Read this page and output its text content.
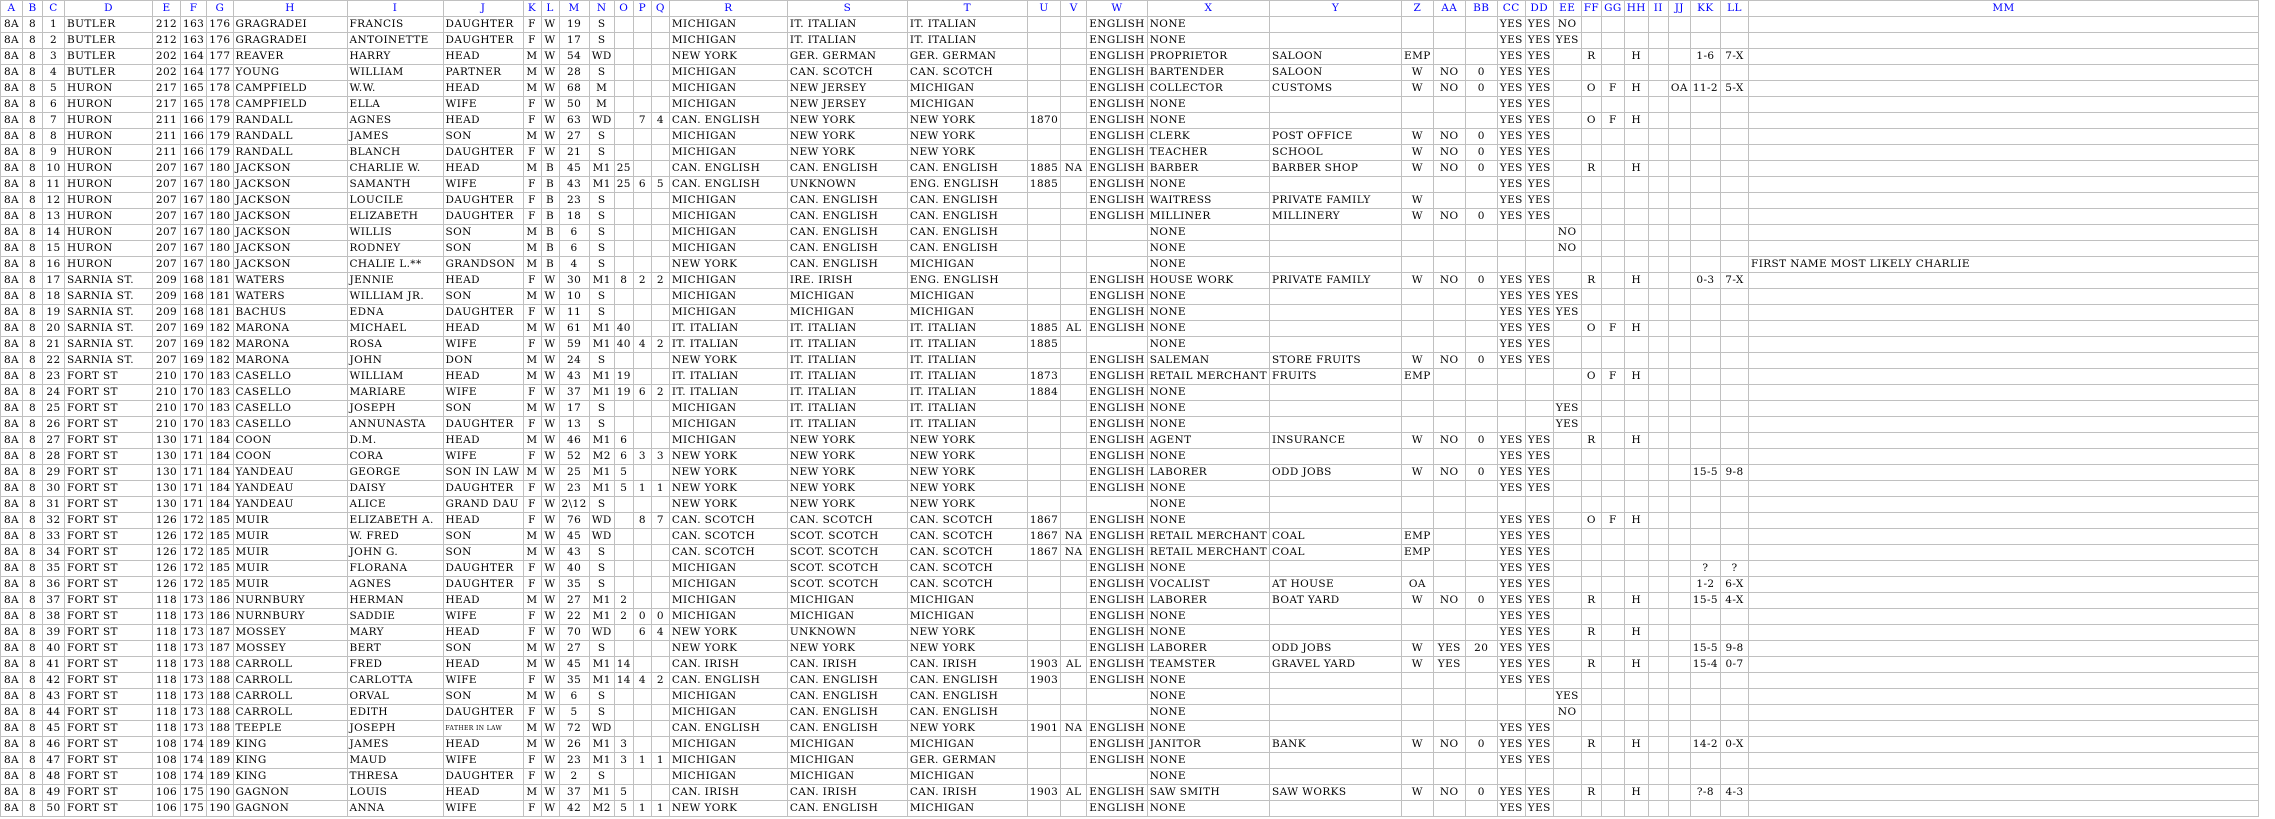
A	B	C	D	E	F	G	H	I	J	K	L	M	N	O	P	Q	R	S	T	U	V	W	X	Y	Z	AA	BB	CC	DD	EE	FF	GG	HH	II	JJ	KK	LL	MM
8A	8	1	BUTLER	212	163	176	GRAGRADEI	FRANCIS	DAUGHTER	F	W	19	S				MICHIGAN	IT. ITALIAN	IT. ITALIAN			ENGLISH	NONE					YES	YES	NO								
8A	8	2	BUTLER	212	163	176	GRAGRADEI	ANTOINETTE	DAUGHTER	F	W	17	S				MICHIGAN	IT. ITALIAN	IT. ITALIAN			ENGLISH	NONE					YES	YES	YES								
8A	8	3	BUTLER	202	164	177	REAVER	HARRY	HEAD	M	W	54	WD				NEW YORK	GER. GERMAN	GER. GERMAN			ENGLISH	PROPRIETOR	SALOON	EMP			YES	YES		R		H			1-6	7-X	
8A	8	4	BUTLER	202	164	177	YOUNG	WILLIAM	PARTNER	M	W	28	S				MICHIGAN	CAN. SCOTCH	CAN. SCOTCH			ENGLISH	BARTENDER	SALOON	W	NO	0	YES	YES									
8A	8	5	HURON	217	165	178	CAMPFIELD	W.W.	HEAD	M	W	68	M				MICHIGAN	NEW JERSEY	MICHIGAN			ENGLISH	COLLECTOR	CUSTOMS	W	NO	0	YES	YES		O	F	H		OA	11-2	5-X	
8A	8	6	HURON	217	165	178	CAMPFIELD	ELLA	WIFE	F	W	50	M				MICHIGAN	NEW JERSEY	MICHIGAN			ENGLISH	NONE					YES	YES									
8A	8	7	HURON	211	166	179	RANDALL	AGNES	HEAD	F	W	63	WD		7	4	CAN. ENGLISH	NEW YORK	NEW YORK	1870		ENGLISH	NONE					YES	YES		O	F	H					
8A	8	8	HURON	211	166	179	RANDALL	JAMES	SON	M	W	27	S				MICHIGAN	NEW YORK	NEW YORK			ENGLISH	CLERK	POST OFFICE	W	NO	0	YES	YES									
8A	8	9	HURON	211	166	179	RANDALL	BLANCH	DAUGHTER	F	W	21	S				MICHIGAN	NEW YORK	NEW YORK			ENGLISH	TEACHER	SCHOOL	W	NO	0	YES	YES									
8A	8	10	HURON	207	167	180	JACKSON	CHARLIE W.	HEAD	M	B	45	M1	25			CAN. ENGLISH	CAN. ENGLISH	CAN. ENGLISH	1885	NA	ENGLISH	BARBER	BARBER SHOP	W	NO	0	YES	YES		R		H					
8A	8	11	HURON	207	167	180	JACKSON	SAMANTH	WIFE	F	B	43	M1	25	6	5	CAN. ENGLISH	UNKNOWN	ENG. ENGLISH	1885		ENGLISH	NONE					YES	YES									
8A	8	12	HURON	207	167	180	JACKSON	LOUCILE	DAUGHTER	F	B	23	S				MICHIGAN	CAN. ENGLISH	CAN. ENGLISH			ENGLISH	WAITRESS	PRIVATE FAMILY	W			YES	YES									
8A	8	13	HURON	207	167	180	JACKSON	ELIZABETH	DAUGHTER	F	B	18	S				MICHIGAN	CAN. ENGLISH	CAN. ENGLISH			ENGLISH	MILLINER	MILLINERY	W	NO	0	YES	YES									
8A	8	14	HURON	207	167	180	JACKSON	WILLIS	SON	M	B	6	S				MICHIGAN	CAN. ENGLISH	CAN. ENGLISH				NONE							NO								
8A	8	15	HURON	207	167	180	JACKSON	RODNEY	SON	M	B	6	S				MICHIGAN	CAN. ENGLISH	CAN. ENGLISH				NONE							NO								
8A	8	16	HURON	207	167	180	JACKSON	CHALIE L.**	GRANDSON	M	B	4	S				NEW YORK	CAN. ENGLISH	MICHIGAN				NONE															FIRST NAME MOST LIKELY CHARLIE
8A	8	17	SARNIA ST.	209	168	181	WATERS	JENNIE	HEAD	F	W	30	M1	8	2	2	MICHIGAN	IRE. IRISH	ENG. ENGLISH			ENGLISH	HOUSE WORK	PRIVATE FAMILY	W	NO	0	YES	YES		R		H			0-3	7-X	
8A	8	18	SARNIA ST.	209	168	181	WATERS	WILLIAM JR.	SON	M	W	10	S				MICHIGAN	MICHIGAN	MICHIGAN			ENGLISH	NONE					YES	YES	YES								
8A	8	19	SARNIA ST.	209	168	181	BACHUS	EDNA	DAUGHTER	F	W	11	S				MICHIGAN	MICHIGAN	MICHIGAN			ENGLISH	NONE					YES	YES	YES								
8A	8	20	SARNIA ST.	207	169	182	MARONA	MICHAEL	HEAD	M	W	61	M1	40			IT. ITALIAN	IT. ITALIAN	IT. ITALIAN	1885	AL	ENGLISH	NONE					YES	YES		O	F	H					
8A	8	21	SARNIA ST.	207	169	182	MARONA	ROSA	WIFE	F	W	59	M1	40	4	2	IT. ITALIAN	IT. ITALIAN	IT. ITALIAN	1885			NONE					YES	YES									
8A	8	22	SARNIA ST.	207	169	182	MARONA	JOHN	DON	M	W	24	S				NEW YORK	IT. ITALIAN	IT. ITALIAN			ENGLISH	SALEMAN	STORE FRUITS	W	NO	0	YES	YES									
8A	8	23	FORT ST	210	170	183	CASELLO	WILLIAM	HEAD	M	W	43	M1	19			IT. ITALIAN	IT. ITALIAN	IT. ITALIAN	1873		ENGLISH	RETAIL MERCHANT	FRUITS	EMP						O	F	H					
8A	8	24	FORT ST	210	170	183	CASELLO	MARIARE	WIFE	F	W	37	M1	19	6	2	IT. ITALIAN	IT. ITALIAN	IT. ITALIAN	1884		ENGLISH	NONE															
8A	8	25	FORT ST	210	170	183	CASELLO	JOSEPH	SON	M	W	17	S				MICHIGAN	IT. ITALIAN	IT. ITALIAN			ENGLISH	NONE							YES								
8A	8	26	FORT ST	210	170	183	CASELLO	ANNUNASTA	DAUGHTER	F	W	13	S				MICHIGAN	IT. ITALIAN	IT. ITALIAN			ENGLISH	NONE							YES								
8A	8	27	FORT ST	130	171	184	COON	D.M.	HEAD	M	W	46	M1	6			MICHIGAN	NEW YORK	NEW YORK			ENGLISH	AGENT	INSURANCE	W	NO	0	YES	YES		R		H					
8A	8	28	FORT ST	130	171	184	COON	CORA	WIFE	F	W	52	M2	6	3	3	NEW YORK	NEW YORK	NEW YORK			ENGLISH	NONE					YES	YES									
8A	8	29	FORT ST	130	171	184	YANDEAU	GEORGE	SON IN LAW	M	W	25	M1	5			NEW YORK	NEW YORK	NEW YORK			ENGLISH	LABORER	ODD JOBS	W	NO	0	YES	YES							15-5	9-8	
8A	8	30	FORT ST	130	171	184	YANDEAU	DAISY	DAUGHTER	F	W	23	M1	5	1	1	NEW YORK	NEW YORK	NEW YORK			ENGLISH	NONE					YES	YES									
8A	8	31	FORT ST	130	171	184	YANDEAU	ALICE	GRAND DAU	F	W	2\12	S				NEW YORK	NEW YORK	NEW YORK				NONE															
8A	8	32	FORT ST	126	172	185	MUIR	ELIZABETH A.	HEAD	F	W	76	WD		8	7	CAN. SCOTCH	CAN. SCOTCH	CAN. SCOTCH	1867		ENGLISH	NONE					YES	YES		O	F	H					
8A	8	33	FORT ST	126	172	185	MUIR	W. FRED	SON	M	W	45	WD				CAN. SCOTCH	SCOT. SCOTCH	CAN. SCOTCH	1867	NA	ENGLISH	RETAIL MERCHANT	COAL	EMP			YES	YES									
8A	8	34	FORT ST	126	172	185	MUIR	JOHN G.	SON	M	W	43	S				CAN. SCOTCH	SCOT. SCOTCH	CAN. SCOTCH	1867	NA	ENGLISH	RETAIL MERCHANT	COAL	EMP			YES	YES									
8A	8	35	FORT ST	126	172	185	MUIR	FLORANA	DAUGHTER	F	W	40	S				MICHIGAN	SCOT. SCOTCH	CAN. SCOTCH			ENGLISH	NONE					YES	YES							?	?	
8A	8	36	FORT ST	126	172	185	MUIR	AGNES	DAUGHTER	F	W	35	S				MICHIGAN	SCOT. SCOTCH	CAN. SCOTCH			ENGLISH	VOCALIST	AT HOUSE	OA			YES	YES							1-2	6-X	
8A	8	37	FORT ST	118	173	186	NURNBURY	HERMAN	HEAD	M	W	27	M1	2			MICHIGAN	MICHIGAN	MICHIGAN			ENGLISH	LABORER	BOAT YARD	W	NO	0	YES	YES		R		H			15-5	4-X	
8A	8	38	FORT ST	118	173	186	NURNBURY	SADDIE	WIFE	F	W	22	M1	2	0	0	MICHIGAN	MICHIGAN	MICHIGAN			ENGLISH	NONE					YES	YES									
8A	8	39	FORT ST	118	173	187	MOSSEY	MARY	HEAD	F	W	70	WD		6	4	NEW YORK	UNKNOWN	NEW YORK			ENGLISH	NONE					YES	YES		R		H					
8A	8	40	FORT ST	118	173	187	MOSSEY	BERT	SON	M	W	27	S				NEW YORK	NEW YORK	NEW YORK			ENGLISH	LABORER	ODD JOBS	W	YES	20	YES	YES							15-5	9-8	
8A	8	41	FORT ST	118	173	188	CARROLL	FRED	HEAD	M	W	45	M1	14			CAN. IRISH	CAN. IRISH	CAN. IRISH	1903	AL	ENGLISH	TEAMSTER	GRAVEL YARD	W	YES		YES	YES		R		H			15-4	0-7	
8A	8	42	FORT ST	118	173	188	CARROLL	CARLOTTA	WIFE	F	W	35	M1	14	4	2	CAN. ENGLISH	CAN. ENGLISH	CAN. ENGLISH	1903		ENGLISH	NONE					YES	YES									
8A	8	43	FORT ST	118	173	188	CARROLL	ORVAL	SON	M	W	6	S				MICHIGAN	CAN. ENGLISH	CAN. ENGLISH				NONE							YES								
8A	8	44	FORT ST	118	173	188	CARROLL	EDITH	DAUGHTER	F	W	5	S				MICHIGAN	CAN. ENGLISH	CAN. ENGLISH				NONE							NO								
8A	8	45	FORT ST	118	173	188	TEEPLE	JOSEPH	FATHER IN LAW	M	W	72	WD				CAN. ENGLISH	CAN. ENGLISH	NEW YORK	1901	NA	ENGLISH	NONE					YES	YES									
8A	8	46	FORT ST	108	174	189	KING	JAMES	HEAD	M	W	26	M1	3			MICHIGAN	MICHIGAN	MICHIGAN			ENGLISH	JANITOR	BANK	W	NO	0	YES	YES		R		H			14-2	0-X	
8A	8	47	FORT ST	108	174	189	KING	MAUD	WIFE	F	W	23	M1	3	1	1	MICHIGAN	MICHIGAN	GER. GERMAN			ENGLISH	NONE					YES	YES									
8A	8	48	FORT ST	108	174	189	KING	THRESA	DAUGHTER	F	W	2	S				MICHIGAN	MICHIGAN	MICHIGAN				NONE															
8A	8	49	FORT ST	106	175	190	GAGNON	LOUIS	HEAD	M	W	37	M1	5			CAN. IRISH	CAN. IRISH	CAN. IRISH	1903	AL	ENGLISH	SAW SMITH	SAW WORKS	W	NO	0	YES	YES		R		H			?-8	4-3	
8A	8	50	FORT ST	106	175	190	GAGNON	ANNA	WIFE	F	W	42	M2	5	1	1	NEW YORK	CAN. ENGLISH	MICHIGAN			ENGLISH	NONE					YES	YES									
